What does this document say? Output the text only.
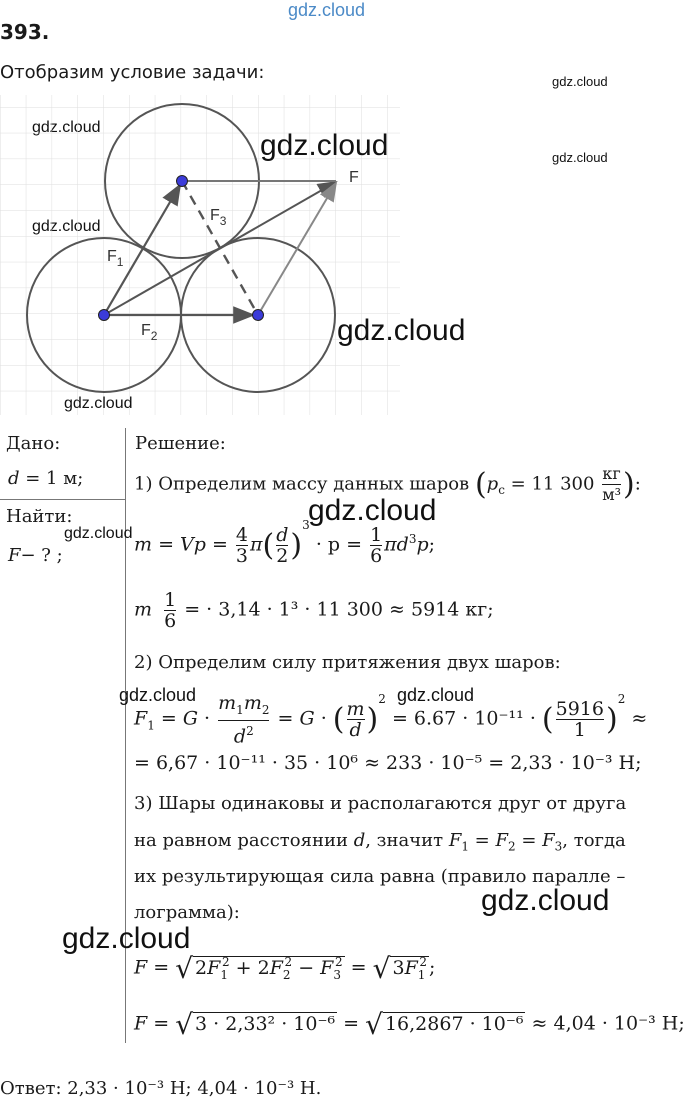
gdz.cloud
gdz.cloud
gdz.cloud
393.
Отобразим условие задачи:
F
$F_3$
$F_1$
$F_2$
gdz.cloud
gdz.cloud
gdz.cloud
Дано:
d = 1 м;
Найти:
F− ? ;
gdz.cloud
Решение:
1) Определим массу данных шаров ($p_c = 11$ $300 \frac{кг}{\text{м³}}$ ):
gdz.cloud
$m = Vp = \frac{4}{3} \pi( \frac{d}{2} )^3 \cdot p = \frac{1}{6} \pi d^3p$;
m $\frac{1}{6}$ = · 3,14 · 1³ · 11 300 ≈ 5914 кг;
2) Определим силу притяжения двух шаров:
gdz.cloud	gdz.cloud
$F_1 = G \cdot \frac{m_1m_2}{d^2} = G$ · ( $\frac{m}{d} )^2 = 6.67 \cdot 10^{-11}$ · ( $\frac{5916}{1} )^2$ ≈
= 6,67 · 10⁻¹¹ · 35 · 10⁶ ≈ 233 · 10⁻⁵ = 2,33 · 10⁻³ Н;
3) Шары одинаковы и располагаются друг от друга
на равном расстоянии d, значит $F_1 = F_2 = F_3$, тогда
их результирующая сила равна (правило паралле –
лограмма):	gdz.cloud
gdz.cloud
F = √ $2F_1^2 + 2F_2^2 - F_3^2$ = √ $3F_1^2$ ;
F = √ 3 · 2,33² · 10⁻⁶ = √ 16,2867 · 10⁻⁶ ≈ 4,04 · 10⁻³ Н;
Ответ: 2,33 · 10⁻³ Н; 4,04 · 10⁻³ Н.
